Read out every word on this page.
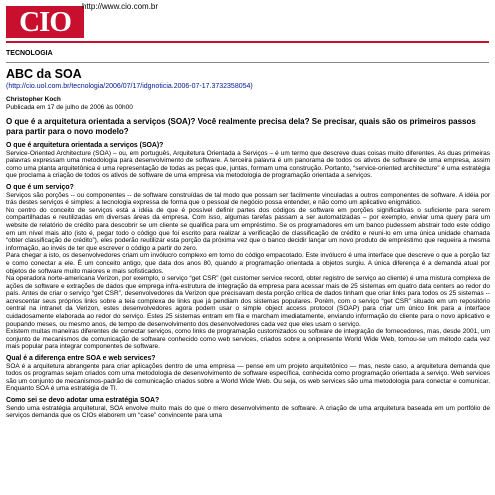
CIO http://www.cio.com.br
TECNOLOGIA
ABC da SOA
(http://cio.uol.com.br/tecnologia/2006/07/17/idgnoticia.2006-07-17.3732358054)
Christopher Koch
Publicada em 17 de julho de 2006 às 00h00
O que é a arquitetura orientada a serviços (SOA)? Você realmente precisa dela? Se precisar, quais são os primeiros passos para partir para o novo modelo?
O que é arquitetura orientada a serviços (SOA)?

Service-Oriented Architecture (SOA) – ou, em português, Arquitetura Orientada a Serviços – é um termo que descreve duas coisas muito diferentes. As duas primeiras palavras expressam uma metodologia para desenvolvimento de software. A terceira palavra é um panorama de todos os ativos de software de uma empresa, assim como uma planta arquitetônica é uma representação de todas as peças que, juntas, formam uma construção. Portanto, “service-oriented architecture” é uma estratégia que proclama a criação de todos os ativos de software de uma empresa via metodologia de programação orientada a serviços.

O que é um serviço?

Serviços são porções -- ou componentes -- de software construídas de tal modo que possam ser facilmente vinculadas a outros componentes de software. A idéia por trás destes serviços é simples: a tecnologia expressa de forma que o pessoal de negócio possa entender, e não como um aplicativo enigmático.

No centro do conceito de serviços está a idéia de que é possível definir partes dos códigos de software em porções significativas o suficiente para serem compartilhadas e reutilizadas em diversas áreas da empresa. Com isso, algumas tarefas passam a ser automatizadas – por exemplo, enviar uma query para um website de relatório de crédito para descobrir se um cliente se qualifica para um empréstimo. Se os programadores em um banco pudessem abstrair todo este código em um nível mais alto (isto é, pegar todo o código que foi escrito para realizar a verificação de classificação de crédito e reuni-lo em uma única unidade chamada “obter classificação de crédito”), eles poderão reutilizar esta porção da próxima vez que o banco decidir lançar um novo produto de empréstimo que requeira a mesma informação, ao invés de ter que escrever o código a partir do zero.

Para chegar a isto, os desenvolvedores criam um invólucro complexo em torno do código empacotado. Este invólucro é uma interface que descreve o que a porção faz e como conectar a ele. É um conceito antigo, que data dos anos 80, quando a programação orientada a objetos surgiu. A única diferença é a demanda atual por objetos de software muito maiores e mais sofisticados.

Na operadora norte-americana Verizon, por exemplo, o serviço “get CSR” (get customer service record, obter registro de serviço ao cliente) é uma mistura complexa de ações de software e extrações de dados que emprega infra-estrutura de integração da empresa para acessar mais de 25 sistemas em quatro data centers ao redor do país. Antes de criar o serviço “get CSR”, desenvolvedores da Verizon que precisavam desta porção crítica de dados tinham que criar links para todos os 25 sistemas -- acrescentar seus próprios links sobre a teia complexa de links que já pendiam dos sistemas populares. Porém, com o serviço “get CSR” situado em um repositório central na intranet da Verizon, estes desenvolvedores agora podem usar o simple object access protocol (SOAP) para criar um único link para a interface cuidadosamente elaborada ao redor do serviço. Estes 25 sistemas entram em fila e marcham imediatamente, enviando informação do cliente para o novo aplicativo e poupando meses, ou mesmo anos, de tempo de desenvolvimento dos desenvolvedores cada vez que eles usam o serviço.

Existem muitas maneiras diferentes de conectar serviços, como links de programação customizados ou software de integração de fornecedores, mas, desde 2001, um conjunto de mecanismos de comunicação de software conhecido como web services, criados sobre a onipresente World Wide Web, tornou-se um método cada vez mais popular para integrar componentes de software.

Qual é a diferença entre SOA e web services?

SOA é a arquitetura abrangente para criar aplicações dentro de uma empresa — pense em um projeto arquitetônico — mas, neste caso, a arquitetura demanda que todos os programas sejam criados com uma metodologia de desenvolvimento de software específica, conhecida como programação orientada a serviço. Web services são um conjunto de mecanismos-padrão de comunicação criados sobre a World Wide Web. Ou seja, os web services são uma metodologia para conectar e comunicar. Enquanto SOA é uma estratégia de TI.

Como sei se devo adotar uma estratégia SOA?

Sendo uma estratégia arquitetural, SOA envolve muito mais do que o mero desenvolvimento de software. A criação de uma arquitetura baseada em um portfólio de serviços demanda que os CIOs elaborem um “case” convincente para uma
